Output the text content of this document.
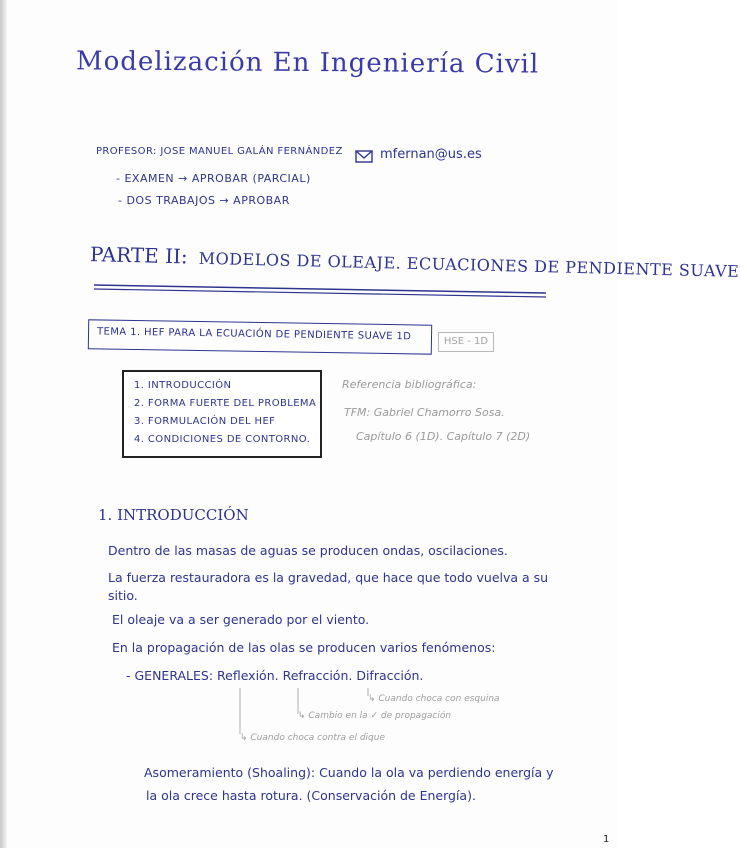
Modelización En Ingeniería Civil
PROFESOR: JOSE MANUEL GALÁN FERNÁNDEZ	mfernan@us.es
- EXAMEN → APROBAR (PARCIAL)
- DOS TRABAJOS → APROBAR
PARTE II: MODELOS DE OLEAJE. ECUACIONES DE PENDIENTE SUAVE
TEMA 1. HEF PARA LA ECUACIÓN DE PENDIENTE SUAVE 1D	HSE - 1D
1. INTRODUCCIÓN
2. FORMA FUERTE DEL PROBLEMA
3. FORMULACIÓN DEL HEF
4. CONDICIONES DE CONTORNO.
Referencia bibliográfica:
TFM: Gabriel Chamorro Sosa.
Capítulo 6 (1D). Capítulo 7 (2D)
1. INTRODUCCIÓN
Dentro de las masas de aguas se producen ondas, oscilaciones.
La fuerza restauradora es la gravedad, que hace que todo vuelva a su
sitio.
El oleaje va a ser generado por el viento.
En la propagación de las olas se producen varios fenómenos:
- GENERALES: Reflexión. Refracción. Difracción.
↳ Cuando choca con esquina
↳ Cambio en la ✓ de propagación
↳ Cuando choca contra el dique
Asomeramiento (Shoaling): Cuando la ola va perdiendo energía y
la ola crece hasta rotura. (Conservación de Energía).
1
